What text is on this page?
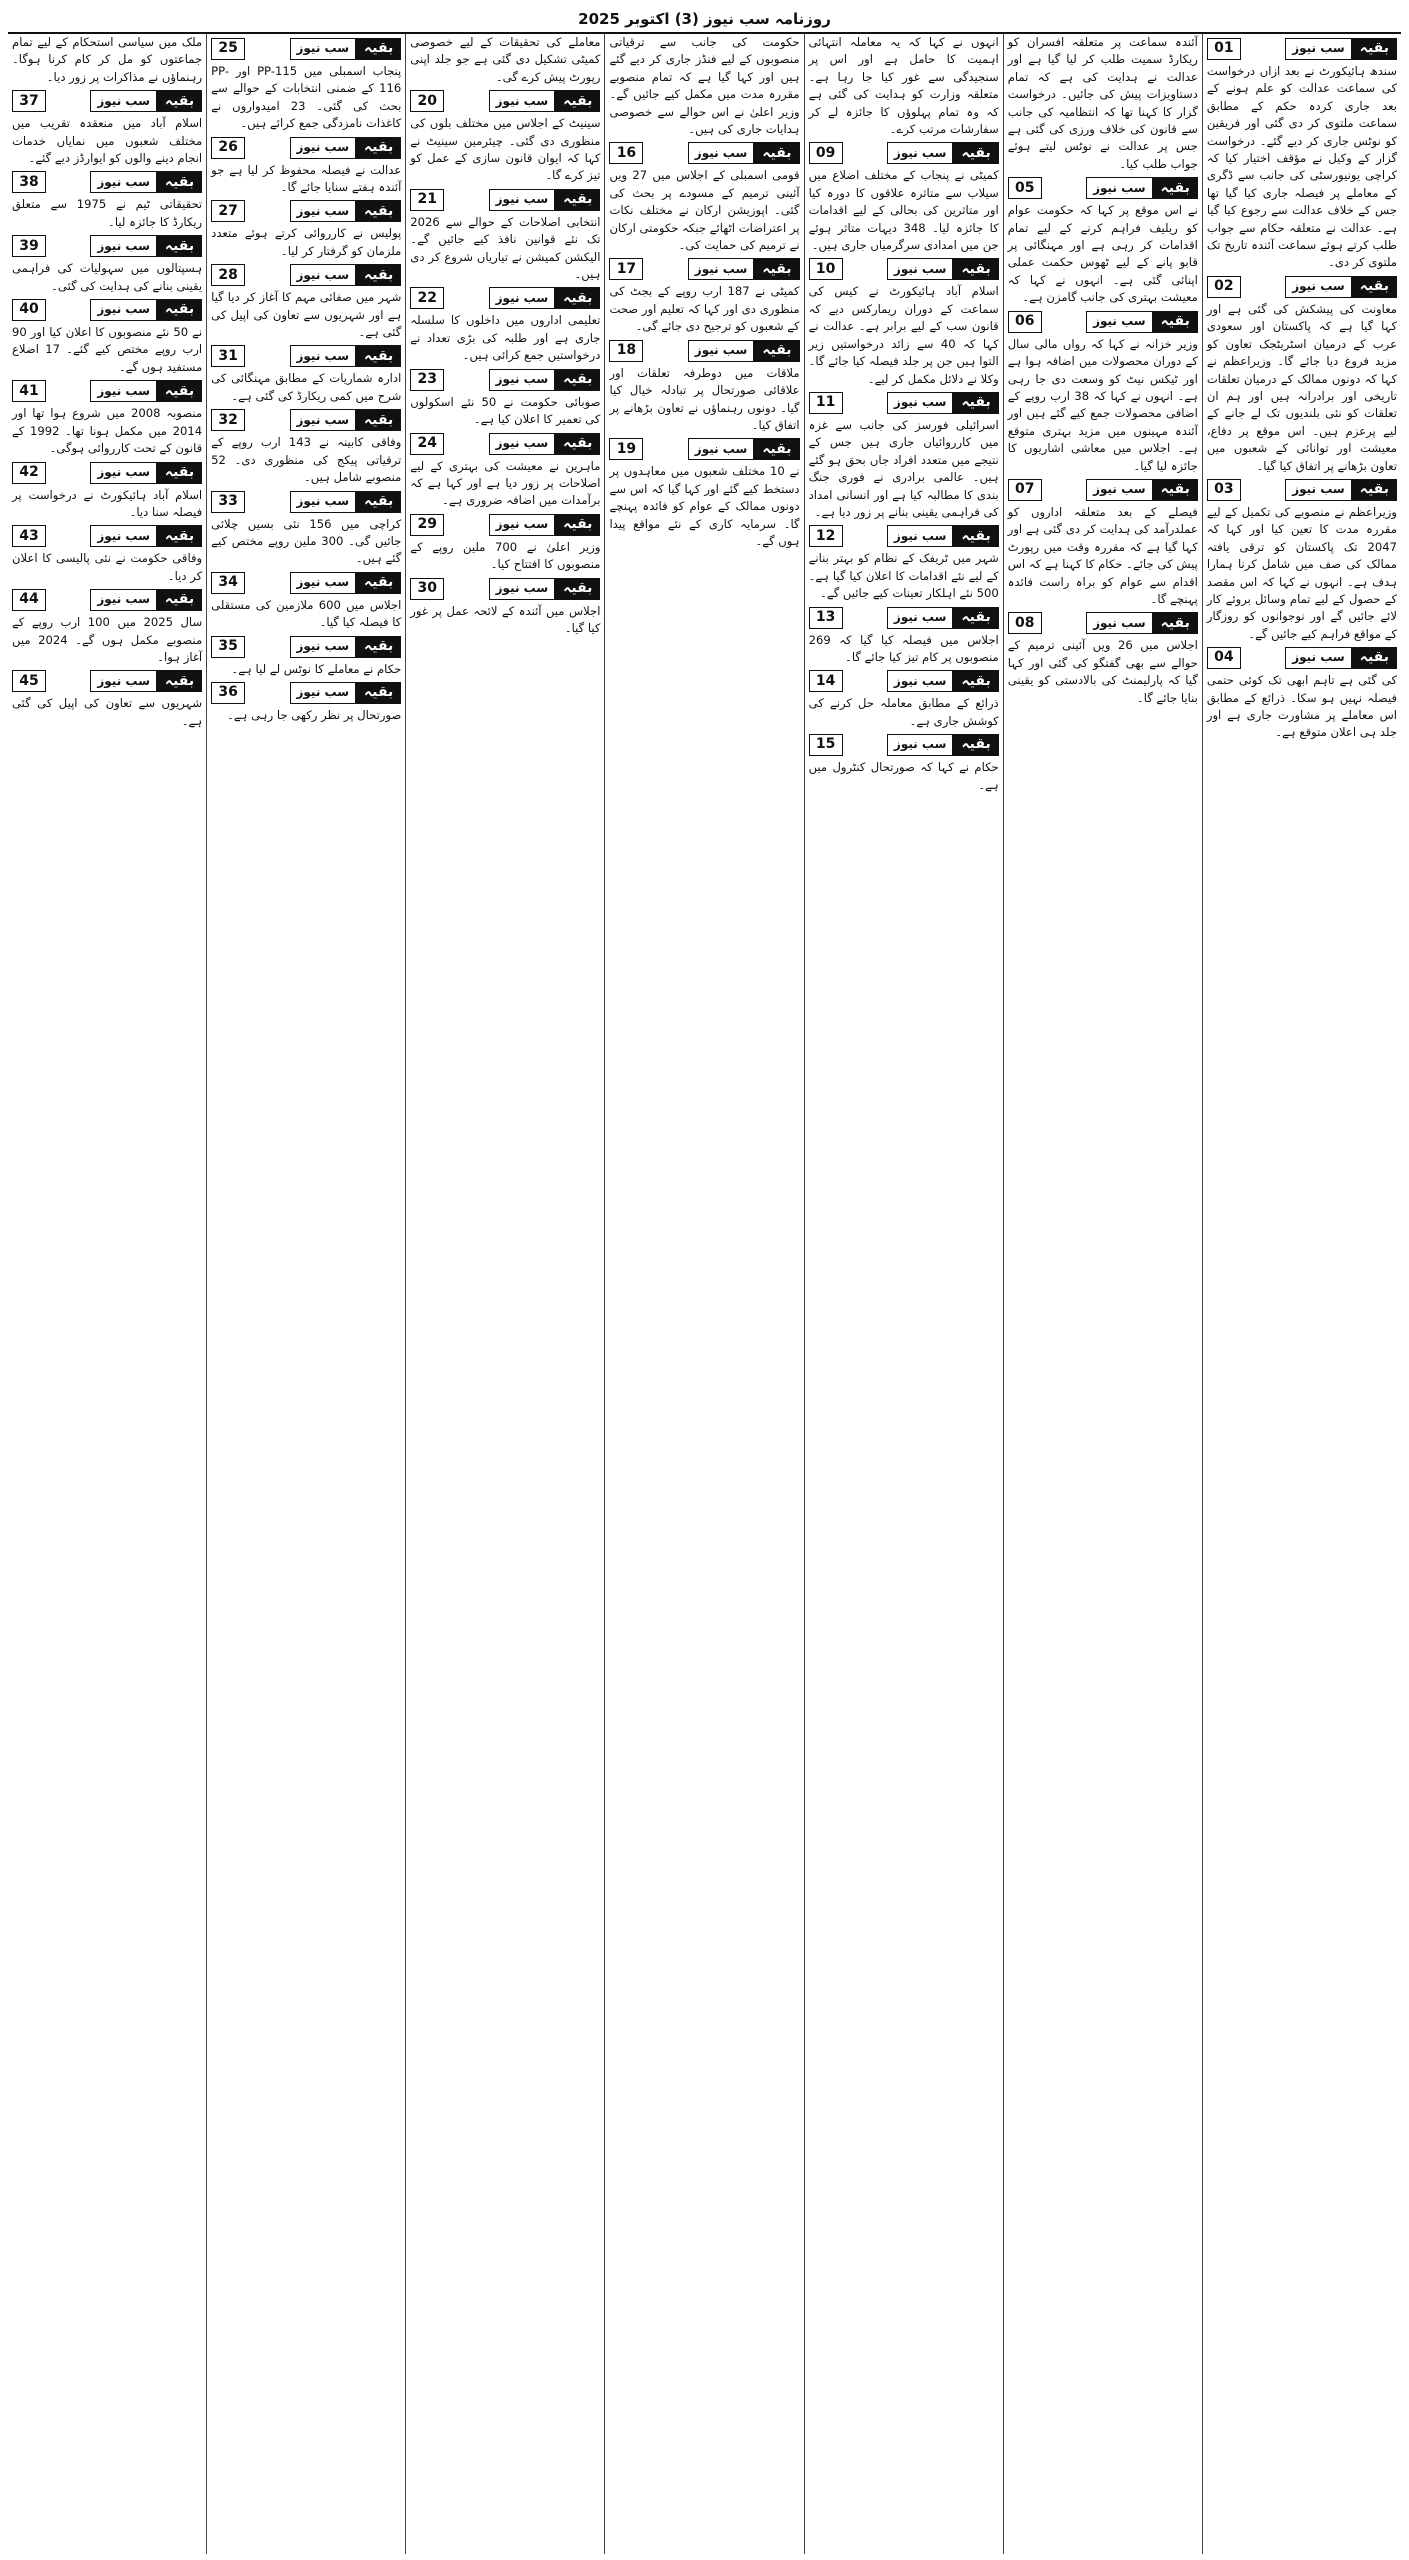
روزنامہ سب نیوز (3) اکتوبر 2025
بقیہ
سب نیوز
01
سندھ ہائیکورٹ نے بعد ازاں درخواست کی سماعت عدالت کو علم ہونے کے بعد جاری کردہ حکم کے مطابق سماعت ملتوی کر دی گئی اور فریقین کو نوٹس جاری کر دیے گئے۔ درخواست گزار کے وکیل نے مؤقف اختیار کیا کہ کراچی یونیورسٹی کی جانب سے ڈگری کے معاملے پر فیصلہ جاری کیا گیا تھا جس کے خلاف عدالت سے رجوع کیا گیا ہے۔ عدالت نے متعلقہ حکام سے جواب طلب کرتے ہوئے سماعت آئندہ تاریخ تک ملتوی کر دی۔
بقیہ
سب نیوز
02
معاونت کی پیشکش کی گئی ہے اور کہا گیا ہے کہ پاکستان اور سعودی عرب کے درمیان اسٹریٹجک تعاون کو مزید فروغ دیا جائے گا۔ وزیراعظم نے کہا کہ دونوں ممالک کے درمیان تعلقات تاریخی اور برادرانہ ہیں اور ہم ان تعلقات کو نئی بلندیوں تک لے جانے کے لیے پرعزم ہیں۔ اس موقع پر دفاع، معیشت اور توانائی کے شعبوں میں تعاون بڑھانے پر اتفاق کیا گیا۔
بقیہ
سب نیوز
03
وزیراعظم نے منصوبے کی تکمیل کے لیے مقررہ مدت کا تعین کیا اور کہا کہ 2047 تک پاکستان کو ترقی یافتہ ممالک کی صف میں شامل کرنا ہمارا ہدف ہے۔ انہوں نے کہا کہ اس مقصد کے حصول کے لیے تمام وسائل بروئے کار لائے جائیں گے اور نوجوانوں کو روزگار کے مواقع فراہم کیے جائیں گے۔
بقیہ
سب نیوز
04
کی گئی ہے تاہم ابھی تک کوئی حتمی فیصلہ نہیں ہو سکا۔ ذرائع کے مطابق اس معاملے پر مشاورت جاری ہے اور جلد ہی اعلان متوقع ہے۔
آئندہ سماعت پر متعلقہ افسران کو ریکارڈ سمیت طلب کر لیا گیا ہے اور عدالت نے ہدایت کی ہے کہ تمام دستاویزات پیش کی جائیں۔ درخواست گزار کا کہنا تھا کہ انتظامیہ کی جانب سے قانون کی خلاف ورزی کی گئی ہے جس پر عدالت نے نوٹس لیتے ہوئے جواب طلب کیا۔
بقیہ
سب نیوز
05
نے اس موقع پر کہا کہ حکومت عوام کو ریلیف فراہم کرنے کے لیے تمام اقدامات کر رہی ہے اور مہنگائی پر قابو پانے کے لیے ٹھوس حکمت عملی اپنائی گئی ہے۔ انہوں نے کہا کہ معیشت بہتری کی جانب گامزن ہے۔
بقیہ
سب نیوز
06
وزیر خزانہ نے کہا کہ رواں مالی سال کے دوران محصولات میں اضافہ ہوا ہے اور ٹیکس نیٹ کو وسعت دی جا رہی ہے۔ انہوں نے کہا کہ 38 ارب روپے کے اضافی محصولات جمع کیے گئے ہیں اور آئندہ مہینوں میں مزید بہتری متوقع ہے۔ اجلاس میں معاشی اشاریوں کا جائزہ لیا گیا۔
بقیہ
سب نیوز
07
فیصلے کے بعد متعلقہ اداروں کو عملدرآمد کی ہدایت کر دی گئی ہے اور کہا گیا ہے کہ مقررہ وقت میں رپورٹ پیش کی جائے۔ حکام کا کہنا ہے کہ اس اقدام سے عوام کو براہ راست فائدہ پہنچے گا۔
بقیہ
سب نیوز
08
اجلاس میں 26 ویں آئینی ترمیم کے حوالے سے بھی گفتگو کی گئی اور کہا گیا کہ پارلیمنٹ کی بالادستی کو یقینی بنایا جائے گا۔
انہوں نے کہا کہ یہ معاملہ انتہائی اہمیت کا حامل ہے اور اس پر سنجیدگی سے غور کیا جا رہا ہے۔ متعلقہ وزارت کو ہدایت کی گئی ہے کہ وہ تمام پہلوؤں کا جائزہ لے کر سفارشات مرتب کرے۔
بقیہ
سب نیوز
09
کمیٹی نے پنجاب کے مختلف اضلاع میں سیلاب سے متاثرہ علاقوں کا دورہ کیا اور متاثرین کی بحالی کے لیے اقدامات کا جائزہ لیا۔ 348 دیہات متاثر ہوئے جن میں امدادی سرگرمیاں جاری ہیں۔
بقیہ
سب نیوز
10
اسلام آباد ہائیکورٹ نے کیس کی سماعت کے دوران ریمارکس دیے کہ قانون سب کے لیے برابر ہے۔ عدالت نے کہا کہ 40 سے زائد درخواستیں زیر التوا ہیں جن پر جلد فیصلہ کیا جائے گا۔ وکلا نے دلائل مکمل کر لیے۔
بقیہ
سب نیوز
11
اسرائیلی فورسز کی جانب سے غزہ میں کارروائیاں جاری ہیں جس کے نتیجے میں متعدد افراد جاں بحق ہو گئے ہیں۔ عالمی برادری نے فوری جنگ بندی کا مطالبہ کیا ہے اور انسانی امداد کی فراہمی یقینی بنانے پر زور دیا ہے۔
بقیہ
سب نیوز
12
شہر میں ٹریفک کے نظام کو بہتر بنانے کے لیے نئے اقدامات کا اعلان کیا گیا ہے۔ 500 نئے اہلکار تعینات کیے جائیں گے۔
بقیہ
سب نیوز
13
اجلاس میں فیصلہ کیا گیا کہ 269 منصوبوں پر کام تیز کیا جائے گا۔
بقیہ
سب نیوز
14
ذرائع کے مطابق معاملہ حل کرنے کی کوشش جاری ہے۔
بقیہ
سب نیوز
15
حکام نے کہا کہ صورتحال کنٹرول میں ہے۔
حکومت کی جانب سے ترقیاتی منصوبوں کے لیے فنڈز جاری کر دیے گئے ہیں اور کہا گیا ہے کہ تمام منصوبے مقررہ مدت میں مکمل کیے جائیں گے۔ وزیر اعلیٰ نے اس حوالے سے خصوصی ہدایات جاری کی ہیں۔
بقیہ
سب نیوز
16
قومی اسمبلی کے اجلاس میں 27 ویں آئینی ترمیم کے مسودے پر بحث کی گئی۔ اپوزیشن ارکان نے مختلف نکات پر اعتراضات اٹھائے جبکہ حکومتی ارکان نے ترمیم کی حمایت کی۔
بقیہ
سب نیوز
17
کمیٹی نے 187 ارب روپے کے بجٹ کی منظوری دی اور کہا کہ تعلیم اور صحت کے شعبوں کو ترجیح دی جائے گی۔
بقیہ
سب نیوز
18
ملاقات میں دوطرفہ تعلقات اور علاقائی صورتحال پر تبادلہ خیال کیا گیا۔ دونوں رہنماؤں نے تعاون بڑھانے پر اتفاق کیا۔
بقیہ
سب نیوز
19
نے 10 مختلف شعبوں میں معاہدوں پر دستخط کیے گئے اور کہا گیا کہ اس سے دونوں ممالک کے عوام کو فائدہ پہنچے گا۔ سرمایہ کاری کے نئے مواقع پیدا ہوں گے۔
معاملے کی تحقیقات کے لیے خصوصی کمیٹی تشکیل دی گئی ہے جو جلد اپنی رپورٹ پیش کرے گی۔
بقیہ
سب نیوز
20
سینیٹ کے اجلاس میں مختلف بلوں کی منظوری دی گئی۔ چیئرمین سینیٹ نے کہا کہ ایوان قانون سازی کے عمل کو تیز کرے گا۔
بقیہ
سب نیوز
21
انتخابی اصلاحات کے حوالے سے 2026 تک نئے قوانین نافذ کیے جائیں گے۔ الیکشن کمیشن نے تیاریاں شروع کر دی ہیں۔
بقیہ
سب نیوز
22
تعلیمی اداروں میں داخلوں کا سلسلہ جاری ہے اور طلبہ کی بڑی تعداد نے درخواستیں جمع کرائی ہیں۔
بقیہ
سب نیوز
23
صوبائی حکومت نے 50 نئے اسکولوں کی تعمیر کا اعلان کیا ہے۔
بقیہ
سب نیوز
24
ماہرین نے معیشت کی بہتری کے لیے اصلاحات پر زور دیا ہے اور کہا ہے کہ برآمدات میں اضافہ ضروری ہے۔
بقیہ
سب نیوز
29
وزیر اعلیٰ نے 700 ملین روپے کے منصوبوں کا افتتاح کیا۔
بقیہ
سب نیوز
30
اجلاس میں آئندہ کے لائحہ عمل پر غور کیا گیا۔
بقیہ
سب نیوز
25
پنجاب اسمبلی میں PP-115 اور PP-116 کے ضمنی انتخابات کے حوالے سے بحث کی گئی۔ 23 امیدواروں نے کاغذات نامزدگی جمع کرائے ہیں۔
بقیہ
سب نیوز
26
عدالت نے فیصلہ محفوظ کر لیا ہے جو آئندہ ہفتے سنایا جائے گا۔
بقیہ
سب نیوز
27
پولیس نے کارروائی کرتے ہوئے متعدد ملزمان کو گرفتار کر لیا۔
بقیہ
سب نیوز
28
شہر میں صفائی مہم کا آغاز کر دیا گیا ہے اور شہریوں سے تعاون کی اپیل کی گئی ہے۔
بقیہ
سب نیوز
31
ادارہ شماریات کے مطابق مہنگائی کی شرح میں کمی ریکارڈ کی گئی ہے۔
بقیہ
سب نیوز
32
وفاقی کابینہ نے 143 ارب روپے کے ترقیاتی پیکج کی منظوری دی۔ 52 منصوبے شامل ہیں۔
بقیہ
سب نیوز
33
کراچی میں 156 نئی بسیں چلائی جائیں گی۔ 300 ملین روپے مختص کیے گئے ہیں۔
بقیہ
سب نیوز
34
اجلاس میں 600 ملازمین کی مستقلی کا فیصلہ کیا گیا۔
بقیہ
سب نیوز
35
حکام نے معاملے کا نوٹس لے لیا ہے۔
بقیہ
سب نیوز
36
صورتحال پر نظر رکھی جا رہی ہے۔
ملک میں سیاسی استحکام کے لیے تمام جماعتوں کو مل کر کام کرنا ہوگا۔ رہنماؤں نے مذاکرات پر زور دیا۔
بقیہ
سب نیوز
37
اسلام آباد میں منعقدہ تقریب میں مختلف شعبوں میں نمایاں خدمات انجام دینے والوں کو ایوارڈز دیے گئے۔
بقیہ
سب نیوز
38
تحقیقاتی ٹیم نے 1975 سے متعلق ریکارڈ کا جائزہ لیا۔
بقیہ
سب نیوز
39
ہسپتالوں میں سہولیات کی فراہمی یقینی بنانے کی ہدایت کی گئی۔
بقیہ
سب نیوز
40
نے 50 نئے منصوبوں کا اعلان کیا اور 90 ارب روپے مختص کیے گئے۔ 17 اضلاع مستفید ہوں گے۔
بقیہ
سب نیوز
41
منصوبہ 2008 میں شروع ہوا تھا اور 2014 میں مکمل ہونا تھا۔ 1992 کے قانون کے تحت کارروائی ہوگی۔
بقیہ
سب نیوز
42
اسلام آباد ہائیکورٹ نے درخواست پر فیصلہ سنا دیا۔
بقیہ
سب نیوز
43
وفاقی حکومت نے نئی پالیسی کا اعلان کر دیا۔
بقیہ
سب نیوز
44
سال 2025 میں 100 ارب روپے کے منصوبے مکمل ہوں گے۔ 2024 میں آغاز ہوا۔
بقیہ
سب نیوز
45
شہریوں سے تعاون کی اپیل کی گئی ہے۔
